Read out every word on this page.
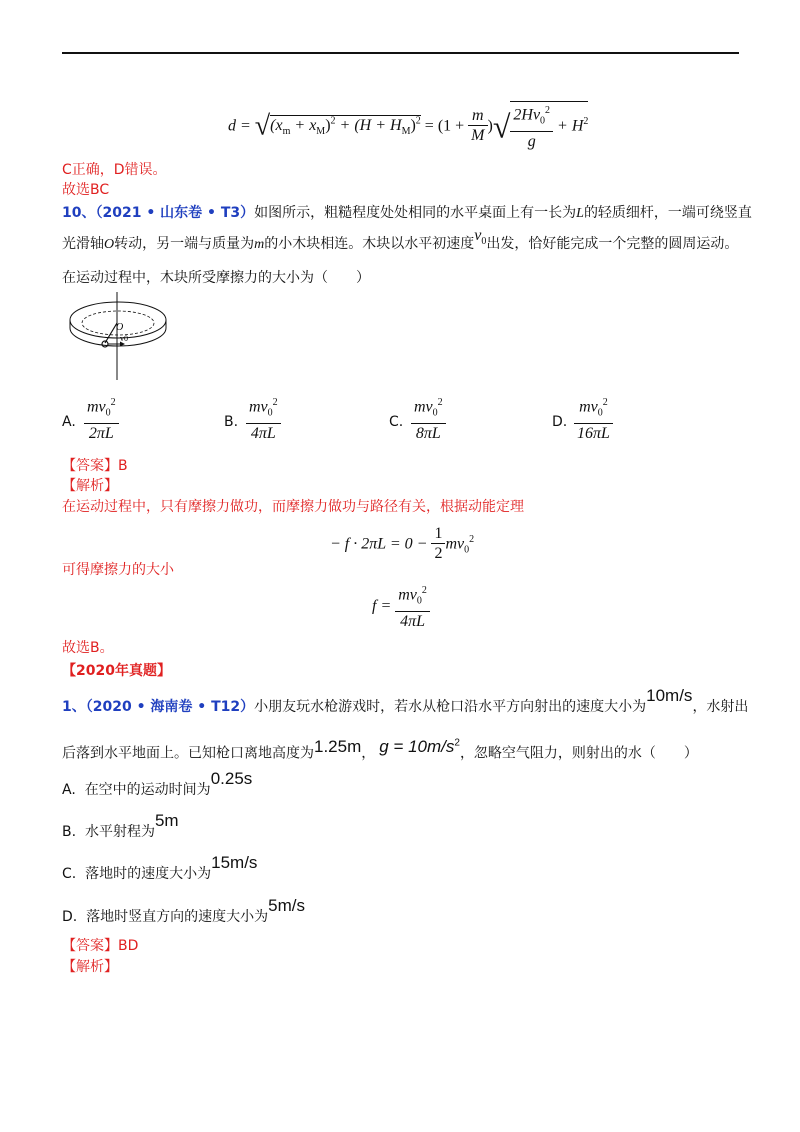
$d = √(x_m + x_M)^2 + (H + H_M)^2 = (1 + \frac{m}{M}$ )√ $\frac{2Hv_0^2}{g} + H^2$
C正确，D错误。
故选BC
10、（2021 • 山东卷 • T3）如图所示，粗糙程度处处相同的水平桌面上有一长为L的轻质细杆，一端可绕竖直
光滑轴O转动，另一端与质量为m的小木块相连。木块以水平初速度$v_0$出发，恰好能完成一个完整的圆周运动。
在运动过程中，木块所受摩擦力的大小为（　　）
O
v0
A. $\frac{mv_0^2}{2\pi L}$	B. $\frac{mv_0^2}{4\pi L}$	C. $\frac{mv_0^2}{8\pi L}$	D. $\frac{mv_0^2}{16\pi L}$
【答案】B
【解析】
在运动过程中，只有摩擦力做功，而摩擦力做功与路径有关，根据动能定理
− $f \cdot 2\pi L = 0 - \frac{1}{2} mv_0^2$
可得摩擦力的大小
$f = \frac{mv_0^2}{4\pi L}$
故选B。
【2020年真题】
1、（2020 • 海南卷 • T12）小朋友玩水枪游戏时，若水从枪口沿水平方向射出的速度大小为10m/s，水射出
后落到水平地面上。已知枪口离地高度为1.25m， $g = 10m/s^2$，忽略空气阻力，则射出的水（　　）
A. 在空中的运动时间为0.25s
B. 水平射程为5m
C. 落地时的速度大小为15m/s
D. 落地时竖直方向的速度大小为5m/s
【答案】BD
【解析】
